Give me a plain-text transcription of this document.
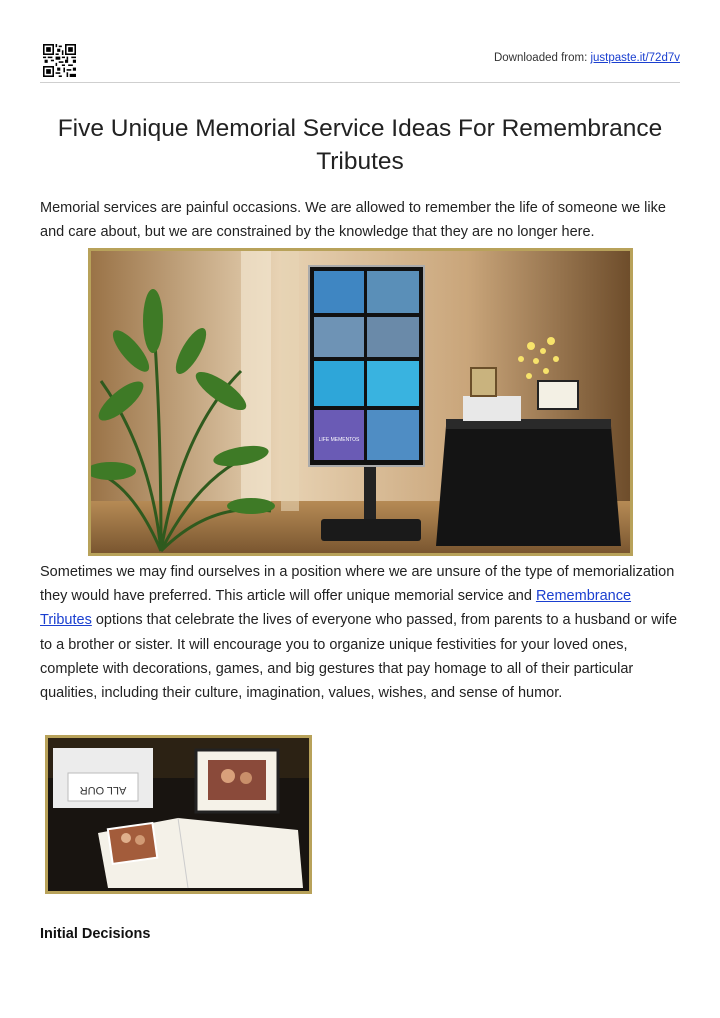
Downloaded from: justpaste.it/72d7v
Five Unique Memorial Service Ideas For Remembrance Tributes

Memorial services are painful occasions. We are allowed to remember the life of someone we like and care about, but we are constrained by the knowledge that they are no longer here.

LIFE MEMENTOS

Sometimes we may find ourselves in a position where we are unsure of the type of memorialization they would have preferred. This article will offer unique memorial service and Remembrance Tributes options that celebrate the lives of everyone who passed, from parents to a husband or wife to a brother or sister. It will encourage you to organize unique festivities for your loved ones, complete with decorations, games, and big gestures that pay homage to all of their particular qualities, including their culture, imagination, values, wishes, and sense of humor.

ALL OUR
Initial Decisions
